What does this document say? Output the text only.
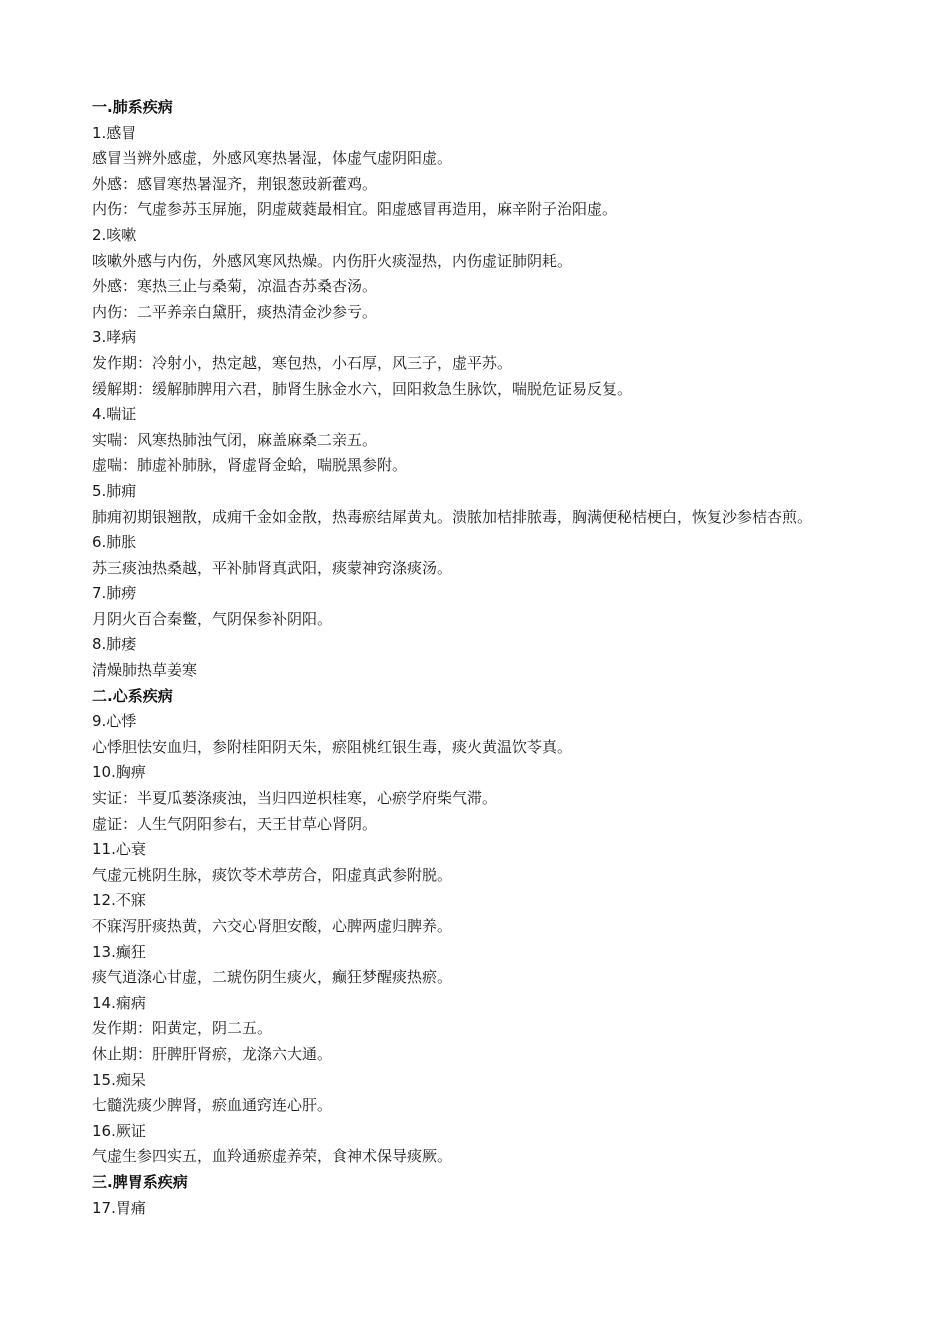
一.肺系疾病

1.感冒

感冒当辨外感虚，外感风寒热暑湿，体虚气虚阴阳虚。

外感：感冒寒热暑湿齐，荆银葱豉新藿鸡。

内伤：气虚参苏玉屏施，阴虚葳蕤最相宜。阳虚感冒再造用，麻辛附子治阳虚。

2.咳嗽

咳嗽外感与内伤，外感风寒风热燥。内伤肝火痰湿热，内伤虚证肺阴耗。

外感：寒热三止与桑菊，凉温杏苏桑杏汤。

内伤：二平养亲白黛肝，痰热清金沙参亏。

3.哮病

发作期：冷射小，热定越，寒包热，小石厚，风三子，虚平苏。

缓解期：缓解肺脾用六君，肺肾生脉金水六，回阳救急生脉饮，喘脱危证易反复。

4.喘证

实喘：风寒热肺浊气闭，麻盖麻桑二亲五。

虚喘：肺虚补肺脉，肾虚肾金蛤，喘脱黑参附。

5.肺痈

肺痈初期银翘散，成痈千金如金散，热毒瘀结犀黄丸。溃脓加桔排脓毒，胸满便秘桔梗白，恢复沙参桔杏煎。

6.肺胀

苏三痰浊热桑越，平补肺肾真武阳，痰蒙神窍涤痰汤。

7.肺痨

月阴火百合秦鳖，气阴保参补阴阳。

8.肺痿

清燥肺热草姜寒

二.心系疾病

9.心悸

心悸胆怯安血归，参附桂阳阴天朱，瘀阻桃红银生毒，痰火黄温饮苓真。

10.胸痹

实证：半夏瓜蒌涤痰浊，当归四逆枳桂寒，心瘀学府柴气滞。

虚证：人生气阴阳参右，天王甘草心肾阴。

11.心衰

气虚元桃阴生脉，痰饮苓术葶苈合，阳虚真武参附脱。

12.不寐

不寐泻肝痰热黄，六交心肾胆安酸，心脾两虚归脾养。

13.癫狂

痰气逍涤心甘虚，二琥伤阴生痰火，癫狂梦醒痰热瘀。

14.痫病

发作期：阳黄定，阴二五。

休止期：肝脾肝肾瘀，龙涤六大通。

15.痴呆

七髓洗痰少脾肾，瘀血通窍连心肝。

16.厥证

气虚生参四实五，血羚通瘀虚养荣，食神术保导痰厥。

三.脾胃系疾病

17.胃痛
